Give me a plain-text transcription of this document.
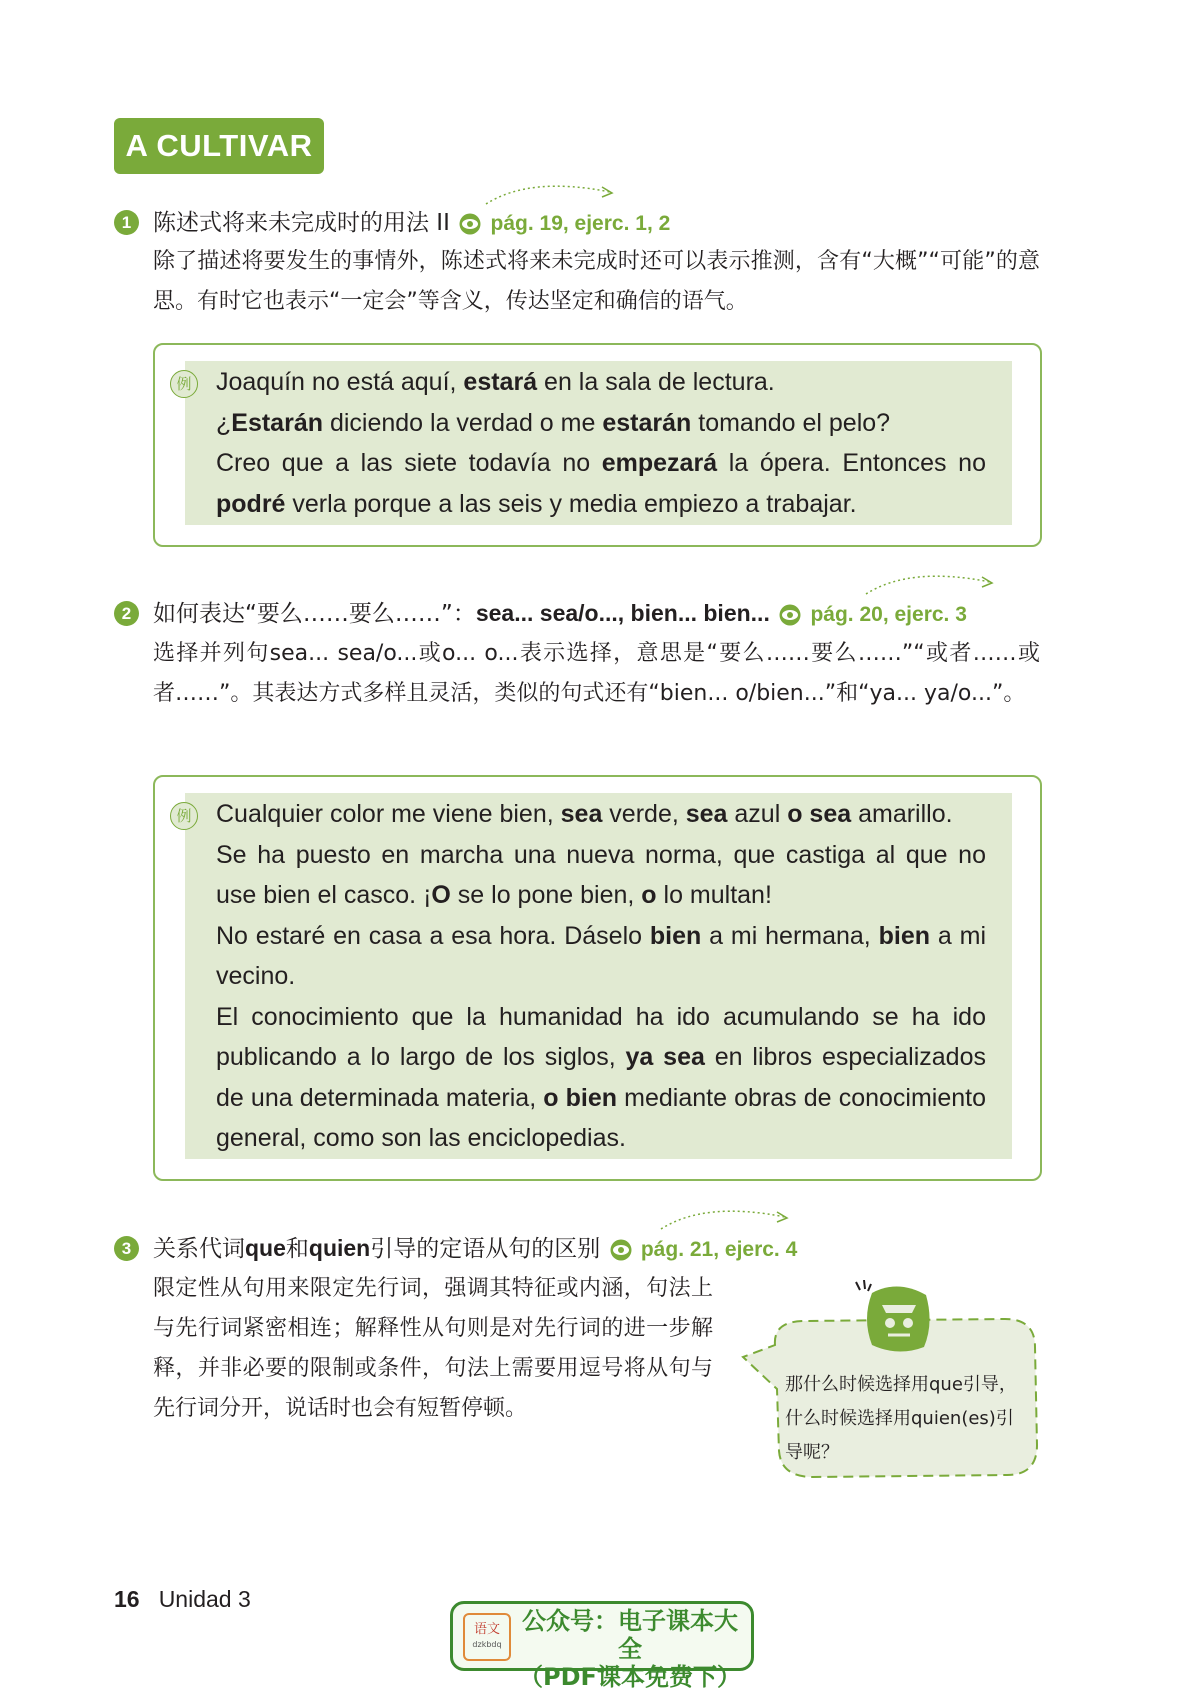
A CULTIVAR
1 陈述式将来未完成时的用法 II pág. 19, ejerc. 1, 2
除了描述将要发生的事情外，陈述式将来未完成时还可以表示推测，含有“大概”“可能”的意思。有时它也表示“一定会”等含义，传达坚定和确信的语气。
例 Joaquín no está aquí, estará en la sala de lectura.

¿Estarán diciendo la verdad o me estarán tomando el pelo?

Creo que a las siete todavía no empezará la ópera. Entonces no podré verla porque a las seis y media empiezo a trabajar.

2 如何表达“要么……要么……”：sea... sea/o..., bien... bien... pág. 20, ejerc. 3
选择并列句sea... sea/o...或o... o...表示选择，意思是“要么……要么……”“或者……或者……”。其表达方式多样且灵活，类似的句式还有“bien... o/bien...”和“ya... ya/o...”。
例 Cualquier color me viene bien, sea verde, sea azul o sea amarillo.

Se ha puesto en marcha una nueva norma, que castiga al que no use bien el casco. ¡O se lo pone bien, o lo multan!

No estaré en casa a esa hora. Dáselo bien a mi hermana, bien a mi vecino.

El conocimiento que la humanidad ha ido acumulando se ha ido publicando a lo largo de los siglos, ya sea en libros especializados de una determinada materia, o bien mediante obras de conocimiento general, como son las enciclopedias.

3 关系代词que和quien引导的定语从句的区别 pág. 21, ejerc. 4
限定性从句用来限定先行词，强调其特征或内涵，句法上与先行词紧密相连；解释性从句则是对先行词的进一步解释，并非必要的限制或条件，句法上需要用逗号将从句与先行词分开，说话时也会有短暂停顿。
那什么时候选择用que引导，
什么时候选择用quien(es)引
导呢？
16 Unidad 3
语文
dzkbdq
公众号：电子课本大全
（PDF课本免费下）
